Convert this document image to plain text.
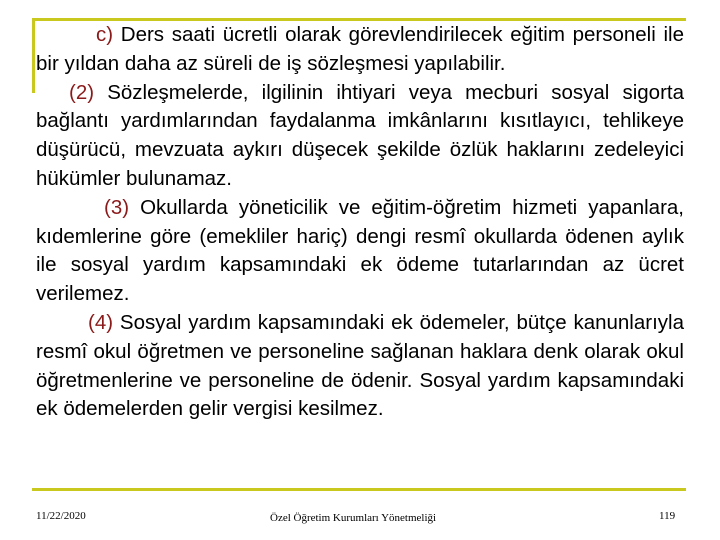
c) Ders saati ücretli olarak görevlendirilecek eğitim personeli ile bir yıldan daha az süreli de iş sözleşmesi yapılabilir.

(2) Sözleşmelerde, ilgilinin ihtiyari veya mecburi sosyal sigorta bağlantı yardımlarından faydalanma imkânlarını kısıtlayıcı, tehlikeye düşürücü, mevzuata aykırı düşecek şekilde özlük haklarını zedeleyici hükümler bulunamaz.

(3) Okullarda yöneticilik ve eğitim-öğretim hizmeti yapanlara, kıdemlerine göre (emekliler hariç) dengi resmî okullarda ödenen aylık ile sosyal yardım kapsamındaki ek ödeme tutarlarından az ücret verilemez.

(4) Sosyal yardım kapsamındaki ek ödemeler, bütçe kanunlarıyla resmî okul öğretmen ve personeline sağlanan haklara denk olarak okul öğretmenlerine ve personeline de ödenir. Sosyal yardım kapsamındaki ek ödemelerden gelir vergisi kesilmez.

11/22/2020	Özel Öğretim Kurumları Yönetmeliği	119
